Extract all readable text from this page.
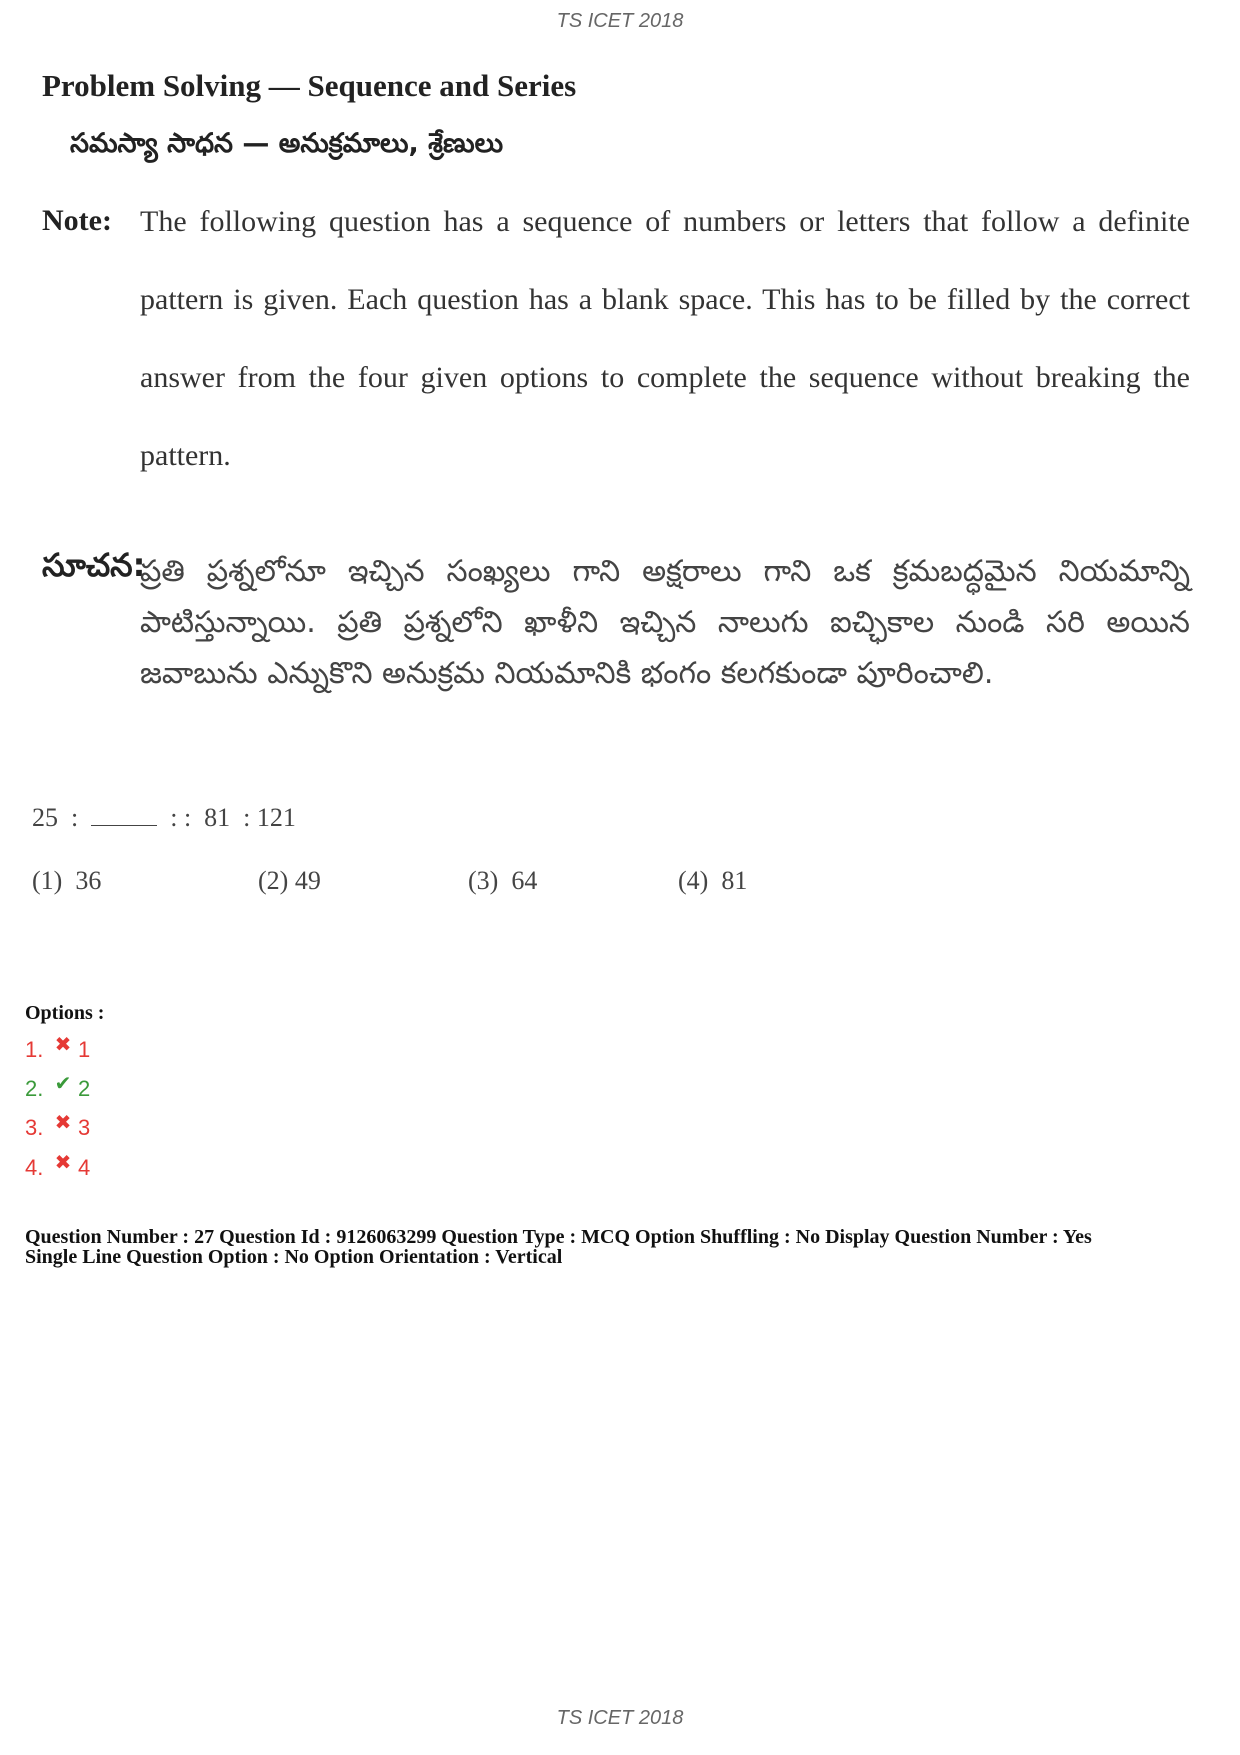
TS ICET 2018
Problem Solving — Sequence and Series
సమస్యా సాధన — అనుక్రమాలు, శ్రేణులు
Note: The following question has a sequence of numbers or letters that follow a definite pattern is given. Each question has a blank space. This has to be filled by the correct answer from the four given options to complete the sequence without breaking the pattern.
సూచన:
ప్రతి ప్రశ్నలోనూ ఇచ్చిన సంఖ్యలు గాని అక్షరాలు గాని ఒక క్రమబద్ధమైన నియమాన్ని పాటిస్తున్నాయి. ప్రతి ప్రశ్నలోని ఖాళీని ఇచ్చిన నాలుగు ఐచ్ఛికాల నుండి సరి అయిన జవాబును ఎన్నుకొని అనుక్రమ నియమానికి భంగం కలగకుండా పూరించాలి.
25  :	: :  81  : 121
(1)  36	(2) 49	(3)  64	(4)  81
Options :
1. ✖ 1
2. ✔ 2
3. ✖ 3
4. ✖ 4
Question Number : 27 Question Id : 9126063299 Question Type : MCQ Option Shuffling : No Display Question Number : Yes
Single Line Question Option : No Option Orientation : Vertical
TS ICET 2018
